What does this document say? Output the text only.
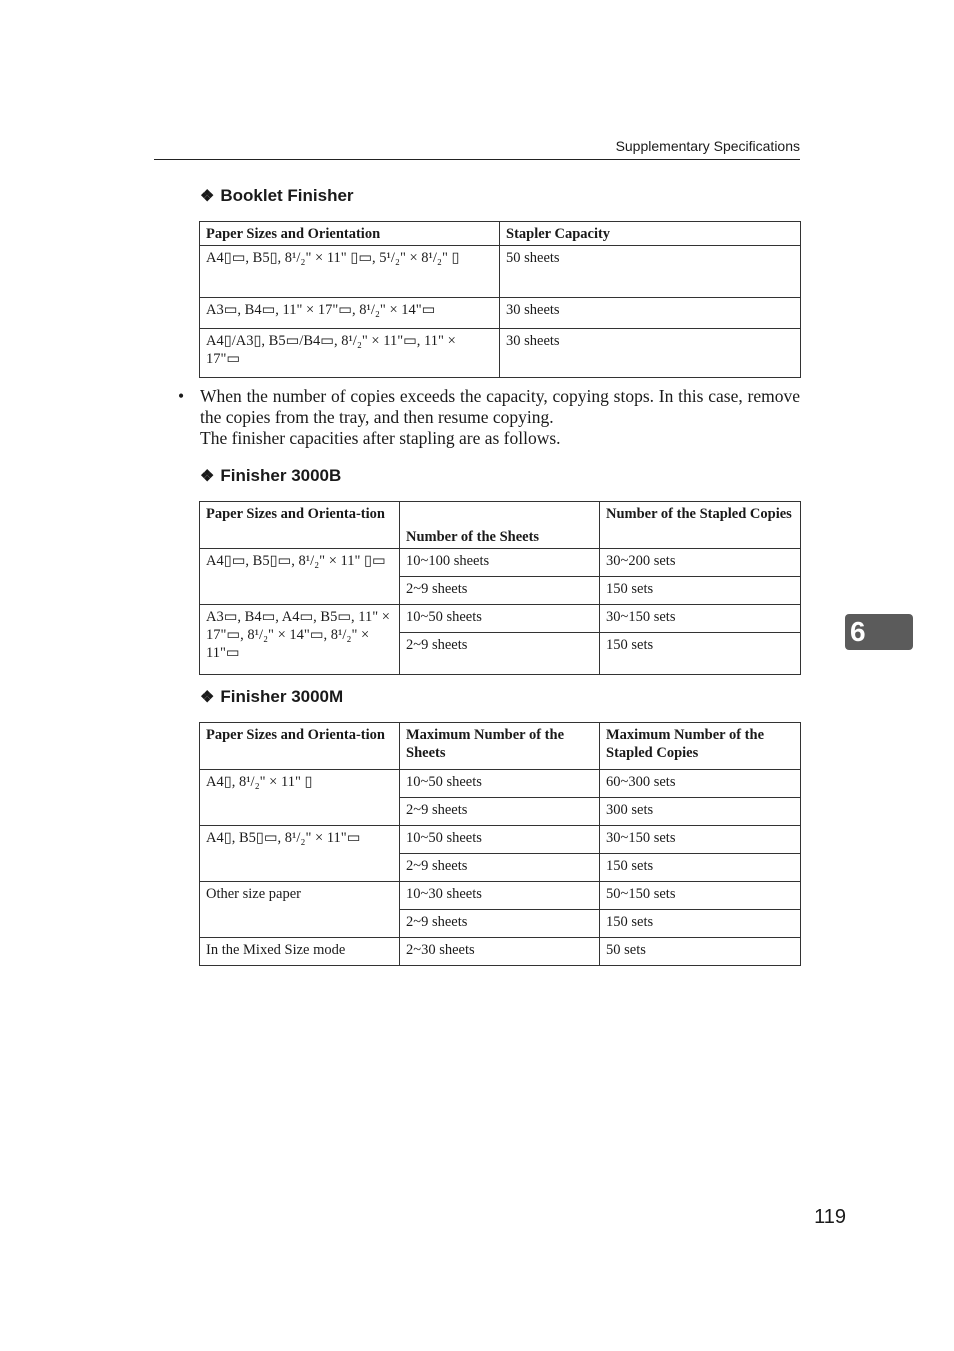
Supplementary Specifications
❖ Booklet Finisher
Paper Sizes and Orientation	Stapler Capacity
A4▯▭, B5▯, 8¹/₂" × 11" ▯▭, 5¹/₂" × 8¹/₂" ▯	50 sheets
A3▭, B4▭, 11" × 17"▭, 8¹/₂" × 14"▭	30 sheets
A4▯/A3▯, B5▭/B4▭, 8¹/₂" × 11"▭, 11" × 17"▭	30 sheets
• When the number of copies exceeds the capacity, copying stops. In this case, remove the copies from the tray, and then resume copying.
The finisher capacities after stapling are as follows.
❖ Finisher 3000B
Paper Sizes and Orienta-tion	Number of the Sheets	Number of the Stapled Copies
A4▯▭, B5▯▭, 8¹/₂" × 11" ▯▭	10~100 sheets	30~200 sets
	2~9 sheets	150 sets
A3▭, B4▭, A4▭, B5▭, 11" × 17"▭, 8¹/₂" × 14"▭, 8¹/₂" × 11"▭	10~50 sheets	30~150 sets
	2~9 sheets	150 sets
❖ Finisher 3000M
Paper Sizes and Orienta-tion	Maximum Number of the Sheets	Maximum Number of the Stapled Copies
A4▯, 8¹/₂" × 11" ▯	10~50 sheets	60~300 sets
	2~9 sheets	300 sets
A4▯, B5▯▭, 8¹/₂" × 11"▭	10~50 sheets	30~150 sets
	2~9 sheets	150 sets
Other size paper	10~30 sheets	50~150 sets
	2~9 sheets	150 sets
In the Mixed Size mode	2~30 sheets	50 sets
6
119
